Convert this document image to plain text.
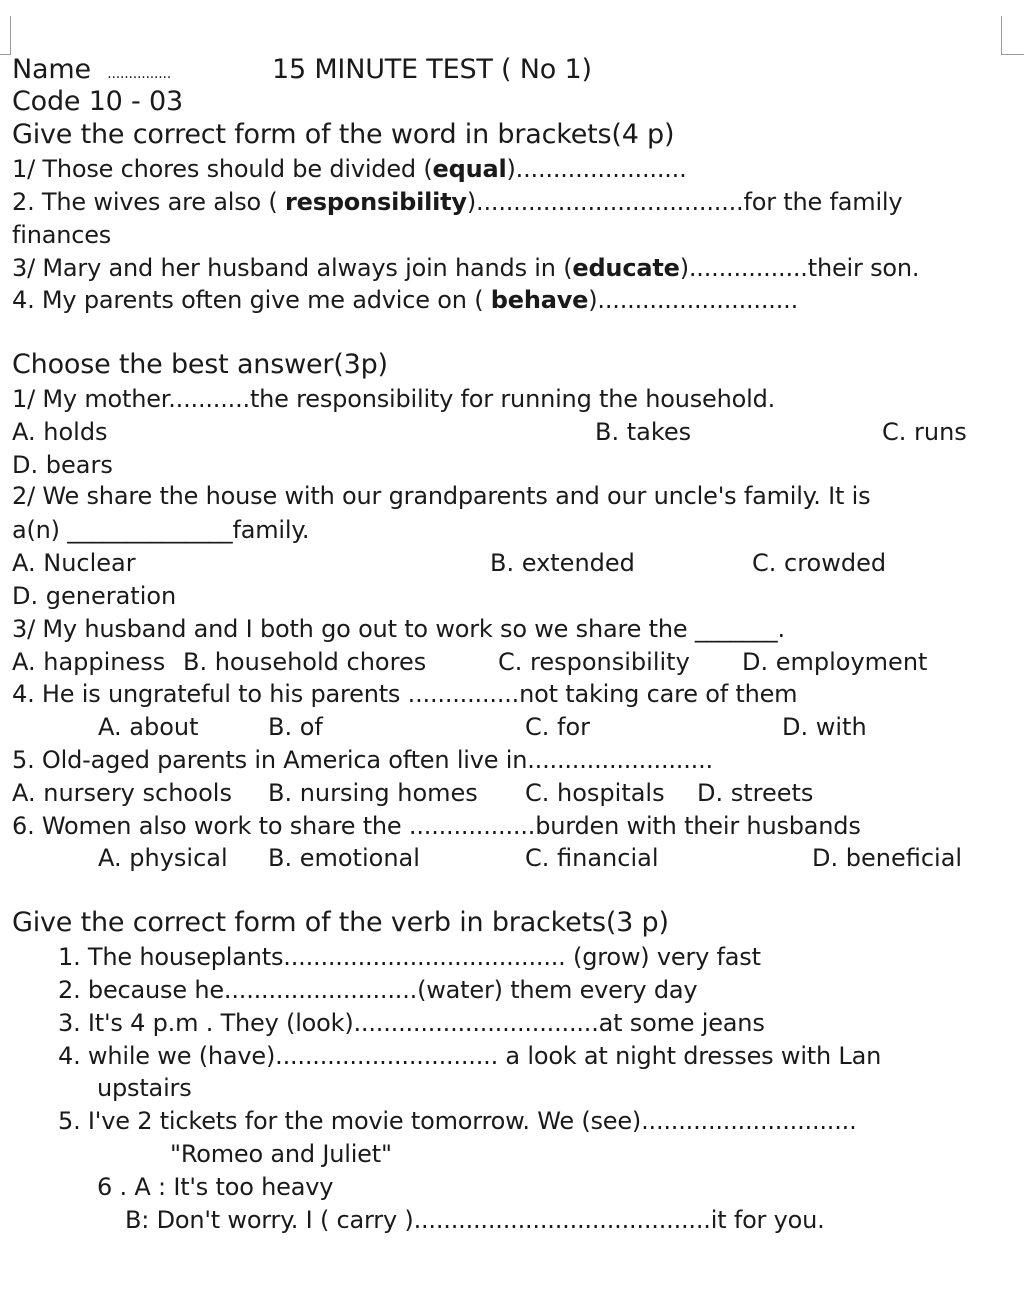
Name ...............	15 MINUTE TEST ( No 1)
Code 10 - 03
Give the correct form of the word in brackets(4 p)
1/ Those chores should be divided (equal).......................
2. The wives are also ( responsibility)....................................for the family
finances
3/ Mary and her husband always join hands in (educate)................their son.
4. My parents often give me advice on ( behave)...........................
Choose the best answer(3p)
1/ My mother...........the responsibility for running the household.
A. holds	B. takes	C. runs
D. bears
2/ We share the house with our grandparents and our uncle's family. It is
a(n) ______________family.
A. Nuclear	B. extended	C. crowded
D. generation
3/ My husband and I both go out to work so we share the _______.
A. happiness B. household chores	C. responsibility D. employment
4. He is ungrateful to his parents ...............not taking care of them
A. about	B. of	C. for	D. with
5. Old-aged parents in America often live in.........................
A. nursery schools B. nursing homes C. hospitals D. streets
6. Women also work to share the .................burden with their husbands
A. physical B. emotional	C. financial	D. beneficial
Give the correct form of the verb in brackets(3 p)
1. The houseplants...................................... (grow) very fast
2. because he..........................(water) them every day
3. It's 4 p.m . They (look).................................at some jeans
4. while we (have).............................. a look at night dresses with Lan
upstairs
5. I've 2 tickets for the movie tomorrow. We (see).............................
"Romeo and Juliet"
6 . A : It's too heavy
B: Don't worry. I ( carry )........................................it for you.
